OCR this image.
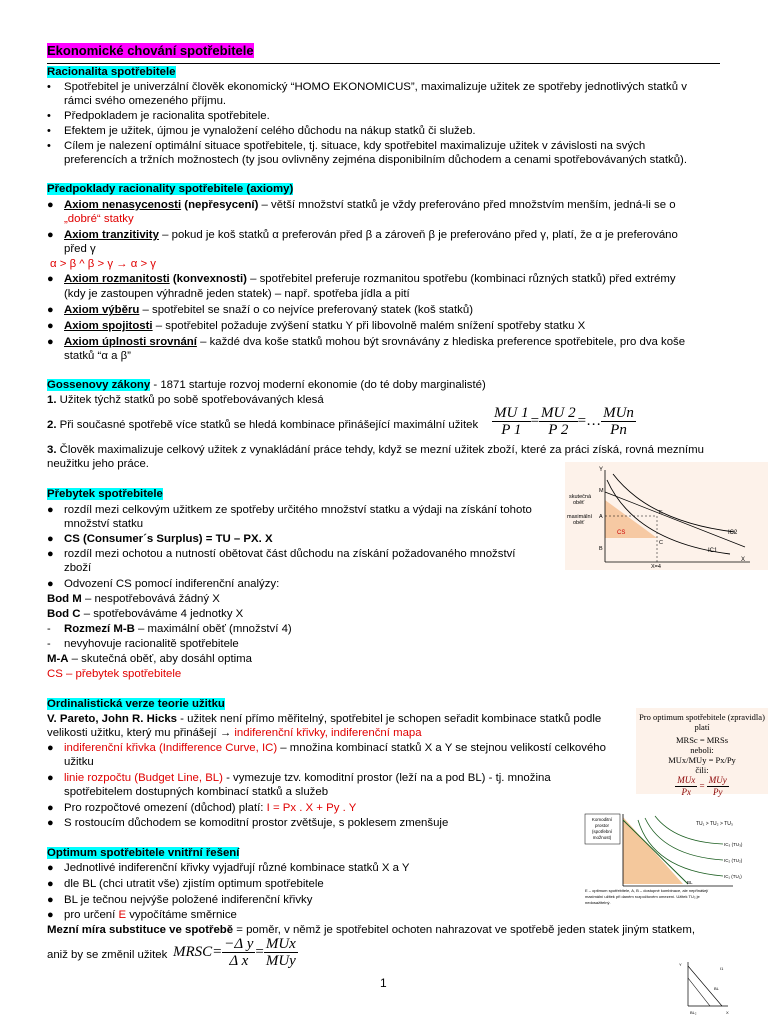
Ekonomické chování spotřebitele
Racionalita spotřebitele
• Spotřebitel je univerzální člověk ekonomický “HOMO EKONOMICUS”, maximalizuje užitek ze spotřeby jednotlivých statků v
rámci svého omezeného příjmu.
• Předpokladem je racionalita spotřebitele.
• Efektem je užitek, újmou je vynaložení celého důchodu na nákup statků či služeb.
• Cílem je nalezení optimální situace spotřebitele, tj. situace, kdy spotřebitel maximalizuje užitek v závislosti na svých
preferencích a tržních možnostech (ty jsou ovlivněny zejména disponibilním důchodem a cenami spotřebovávaných statků).
Předpoklady racionality spotřebitele (axiomy)
● Axiom nenasycenosti (nepřesycení) – větší množství statků je vždy preferováno před množstvím menším, jedná-li se o
„dobré“ statky
● Axiom tranzitivity – pokud je koš statků α preferován před β a zároveň β je preferováno před γ, platí, že α je preferováno
před γ
α > β ^ β > γ → α > γ
● Axiom rozmanitosti (konvexnosti) – spotřebitel preferuje rozmanitou spotřebu (kombinaci různých statků) před extrémy
(kdy je zastoupen výhradně jeden statek) – např. spotřeba jídla a pití
● Axiom výběru – spotřebitel se snaží o co nejvíce preferovaný statek (koš statků)
● Axiom spojitosti – spotřebitel požaduje zvýšení statku Y při libovolně malém snížení spotřeby statku X
● Axiom úplnosti srovnání – každé dva koše statků mohou být srovnávány z hlediska preference spotřebitele, pro dva koše
statků “α a β”
Gossenovy zákony - 1871 startuje rozvoj moderní ekonomie (do té doby marginalisté)
1. Užitek týchž statků po sobě spotřebovávaných klesá
2. Při současné spotřebě více statků se hledá kombinace přinášející maximální užitek $\frac{MU 1}{P 1} = \frac{MU 2}{P 2}$ =… $\frac{\text{MUn}}{Pn}$
3. Člověk maximalizuje celkový užitek z vynakládání práce tehdy, když se mezní užitek zboží, které za práci získá, rovná meznímu
neužitku jeho práce.
Přebytek spotřebitele
● rozdíl mezi celkovým užitkem ze spotřeby určitého množství statku a výdaji na získání tohoto
množství statku
● CS (Consumer´s Surplus) = TU – PX. X
● rozdíl mezi ochotou a nutností obětovat část důchodu na získání požadovaného množství
zboží
● Odvození CS pomocí indiferenční analýzy:
Bod M – nespotřebovává žádný X
Bod C – spotřebováváme 4 jednotky X
- Rozmezí M-B – maximální oběť (množství 4)
- nevyhovuje racionalitě spotřebitele
M-A – skutečná oběť, aby dosáhl optima
CS – přebytek spotřebitele
Y
skutečná
oběť
maximální
oběť
M
A
B
E
C
CS	IC2
IC1
X
X=4
Ordinalistická verze teorie užitku
V. Pareto, John R. Hicks - užitek není přímo měřitelný, spotřebitel je schopen seřadit kombinace statků podle
velikosti užitku, který mu přinášejí → indiferenční křivky, indiferenční mapa
● indiferenční křivka (Indifference Curve, IC) – množina kombinací statků X a Y se stejnou velikostí celkového
užitku
● linie rozpočtu (Budget Line, BL) - vymezuje tzv. komoditní prostor (leží na a pod BL) - tj. množina
spotřebitelem dostupných kombinací statků a služeb
● Pro rozpočtové omezení (důchod) platí: I = Px . X + Py . Y
● S rostoucím důchodem se komoditní prostor zvětšuje, s poklesem zmenšuje
Pro optimum spotřebitele (zpravidla) platí
MRSc = MRSs
neboli:
MUx/MUy = Px/Py
čili:
$\frac{\text{MUx}}{Px} = \frac{\text{MUy}}{Py}$
Optimum spotřebitele vnitřní řešení
● Jednotlivé indiferenční křivky vyjadřují různé kombinace statků X a Y
● dle BL (chci utratit vše) zjistím optimum spotřebitele
● BL je tečnou nejvýše položené indiferenční křivky
● pro určení E vypočítáme směrnice
Mezní míra substituce ve spotřebě = poměr, v němž je spotřebitel ochoten nahrazovat ve spotřebě jeden statek jiným statkem,
aniž by se změnil užitek MRSC= $\frac{\text{−Δ y}}{\text{Δ x}} = \frac{\text{MUx}}{\text{MUy}}$
Komoditní
prostor
(spotřební
možnost)
TU₁ > TU₂ > TU₃
IC₃ (TU₃)
IC₂ (TU₂)
IC₁ (TU₁)
BL
E – optimum spotřebitele, A, B – dostupné kombinace, ale nepřinášejí
maximální užitek při daném rozpočtovém omezení. Užitek TU₃ je
nedosažitelný.
Y
I1
BL
BL₂	X
1
